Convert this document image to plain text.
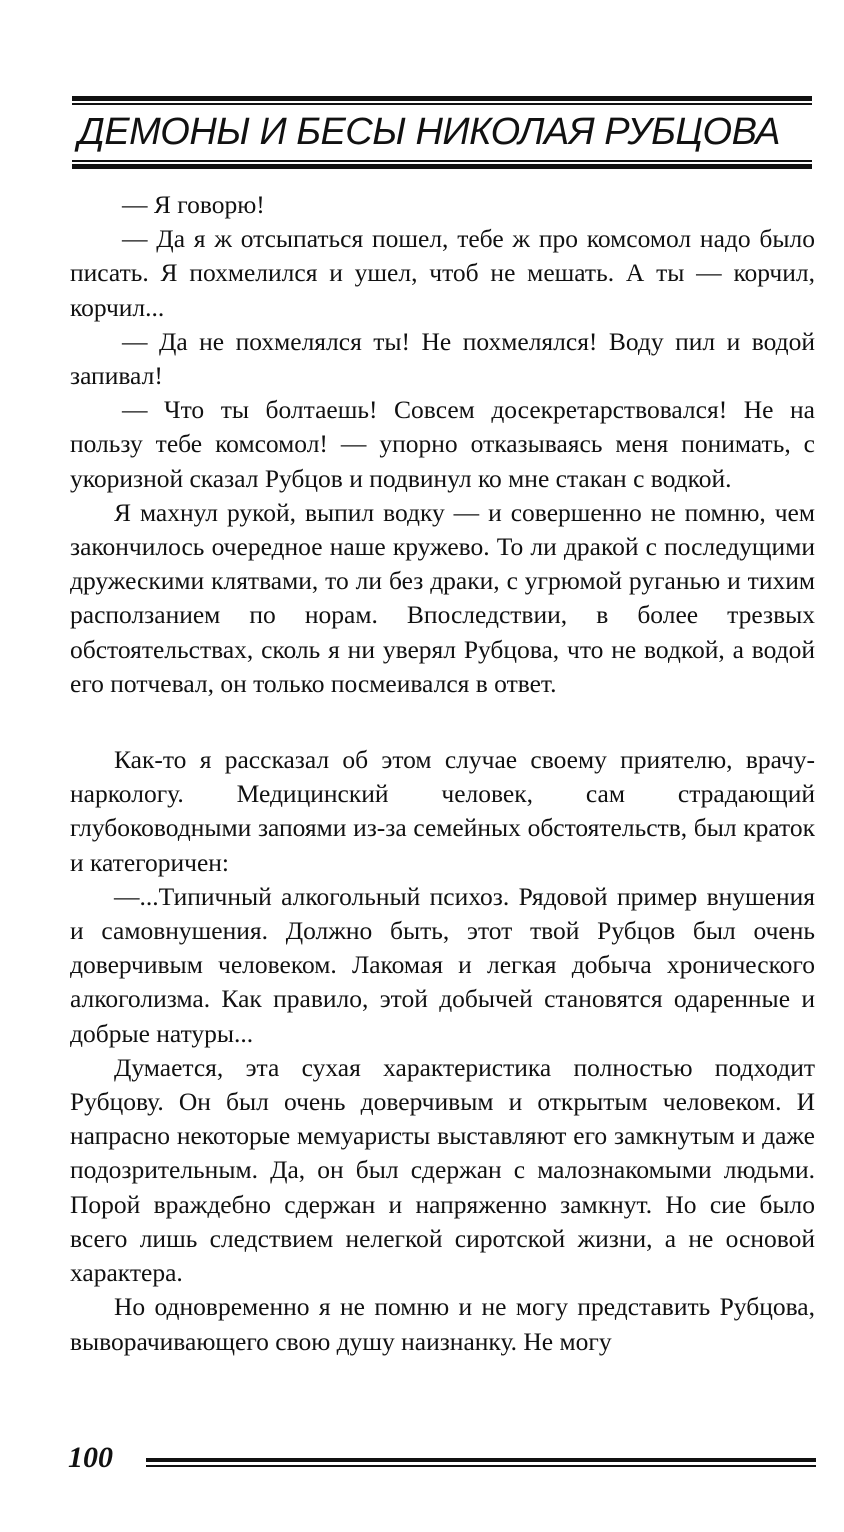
ДЕМОНЫ И БЕСЫ НИКОЛАЯ РУБЦОВА

— Я говорю!

— Да я ж отсыпаться пошел, тебе ж про комсомол надо было писать. Я похмелился и ушел, чтоб не мешать. А ты — корчил, корчил...

— Да не похмелялся ты! Не похмелялся! Воду пил и водой запивал!

— Что ты болтаешь! Совсем досекретарствовался! Не на пользу тебе комсомол! — упорно отказываясь меня понимать, с укоризной сказал Рубцов и подвинул ко мне стакан с водкой.

Я махнул рукой, выпил водку — и совершенно не помню, чем закончилось очередное наше кружево. То ли дракой с последущими дружескими клятвами, то ли без драки, с угрюмой руганью и тихим расползанием по норам. Впоследствии, в более трезвых обстоятельствах, сколь я ни уверял Рубцова, что не водкой, а водой его потчевал, он только посмеивался в ответ.

Как-то я рассказал об этом случае своему приятелю, врачу-наркологу. Медицинский человек, сам страдающий глубоководными запоями из-за семейных обстоятельств, был краток и категоричен:

—...Типичный алкогольный психоз. Рядовой пример внушения и самовнушения. Должно быть, этот твой Рубцов был очень доверчивым человеком. Лакомая и легкая добыча хронического алкоголизма. Как правило, этой добычей становятся одаренные и добрые натуры...

Думается, эта сухая характеристика полностью подходит Рубцову. Он был очень доверчивым и открытым человеком. И напрасно некоторые мемуаристы выставляют его замкнутым и даже подозрительным. Да, он был сдержан с малознакомыми людьми. Порой враждебно сдержан и напряженно замкнут. Но сие было всего лишь следствием нелегкой сиротской жизни, а не основой характера.

Но одновременно я не помню и не могу представить Рубцова, выворачивающего свою душу наизнанку. Не могу

100
